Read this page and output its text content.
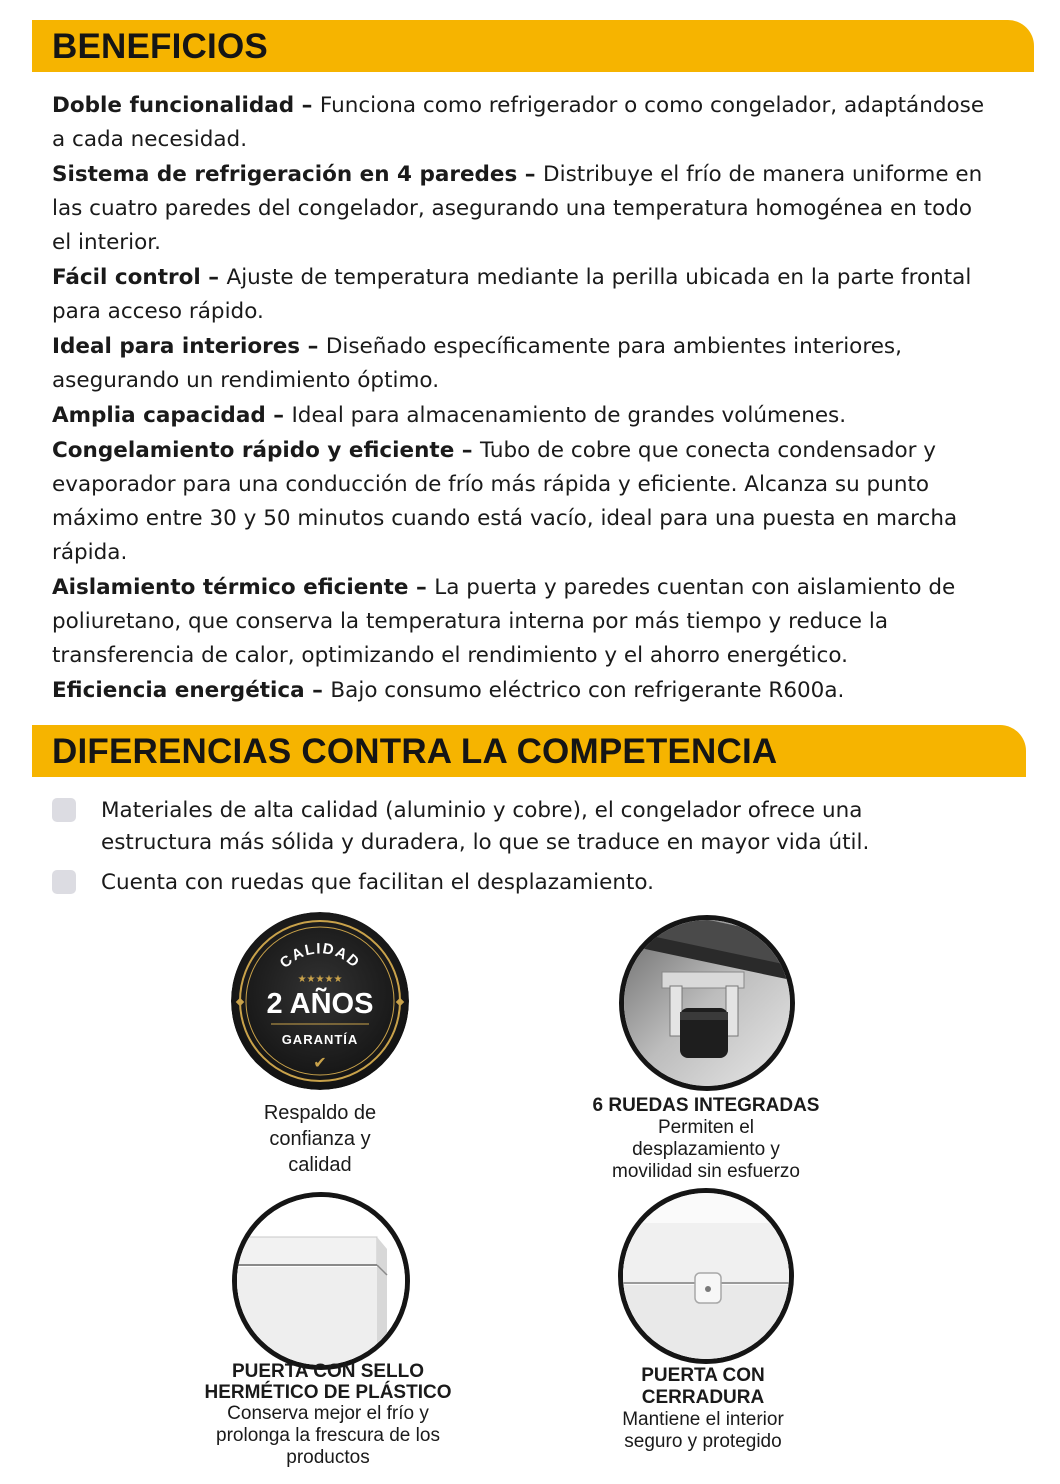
BENEFICIOS

Doble funcionalidad – Funciona como refrigerador o como congelador, adaptándose a cada necesidad.

Sistema de refrigeración en 4 paredes – Distribuye el frío de manera uniforme en las cuatro paredes del congelador, asegurando una temperatura homogénea en todo el interior.

Fácil control – Ajuste de temperatura mediante la perilla ubicada en la parte frontal para acceso rápido.

Ideal para interiores – Diseñado específicamente para ambientes interiores, asegurando un rendimiento óptimo.

Amplia capacidad – Ideal para almacenamiento de grandes volúmenes.

Congelamiento rápido y eficiente – Tubo de cobre que conecta condensador y evaporador para una conducción de frío más rápida y eficiente. Alcanza su punto máximo entre 30 y 50 minutos cuando está vacío, ideal para una puesta en marcha rápida.

Aislamiento térmico eficiente – La puerta y paredes cuentan con aislamiento de poliuretano, que conserva la temperatura interna por más tiempo y reduce la transferencia de calor, optimizando el rendimiento y el ahorro energético.

Eficiencia energética – Bajo consumo eléctrico con refrigerante R600a.

DIFERENCIAS CONTRA LA COMPETENCIA
Materiales de alta calidad (aluminio y cobre), el congelador ofrece una estructura más sólida y duradera, lo que se traduce en mayor vida útil.
Cuenta con ruedas que facilitan el desplazamiento.
CALIDAD
★★★★★
2 AÑOS
GARANTÍA
✔
Respaldo de
confianza y
calidad
6 RUEDAS INTEGRADAS
Permiten el
desplazamiento y
movilidad sin esfuerzo
PUERTA CON SELLO
HERMÉTICO DE PLÁSTICO
Conserva mejor el frío y
prolonga la frescura de los
productos
PUERTA CON
CERRADURA
Mantiene el interior
seguro y protegido
